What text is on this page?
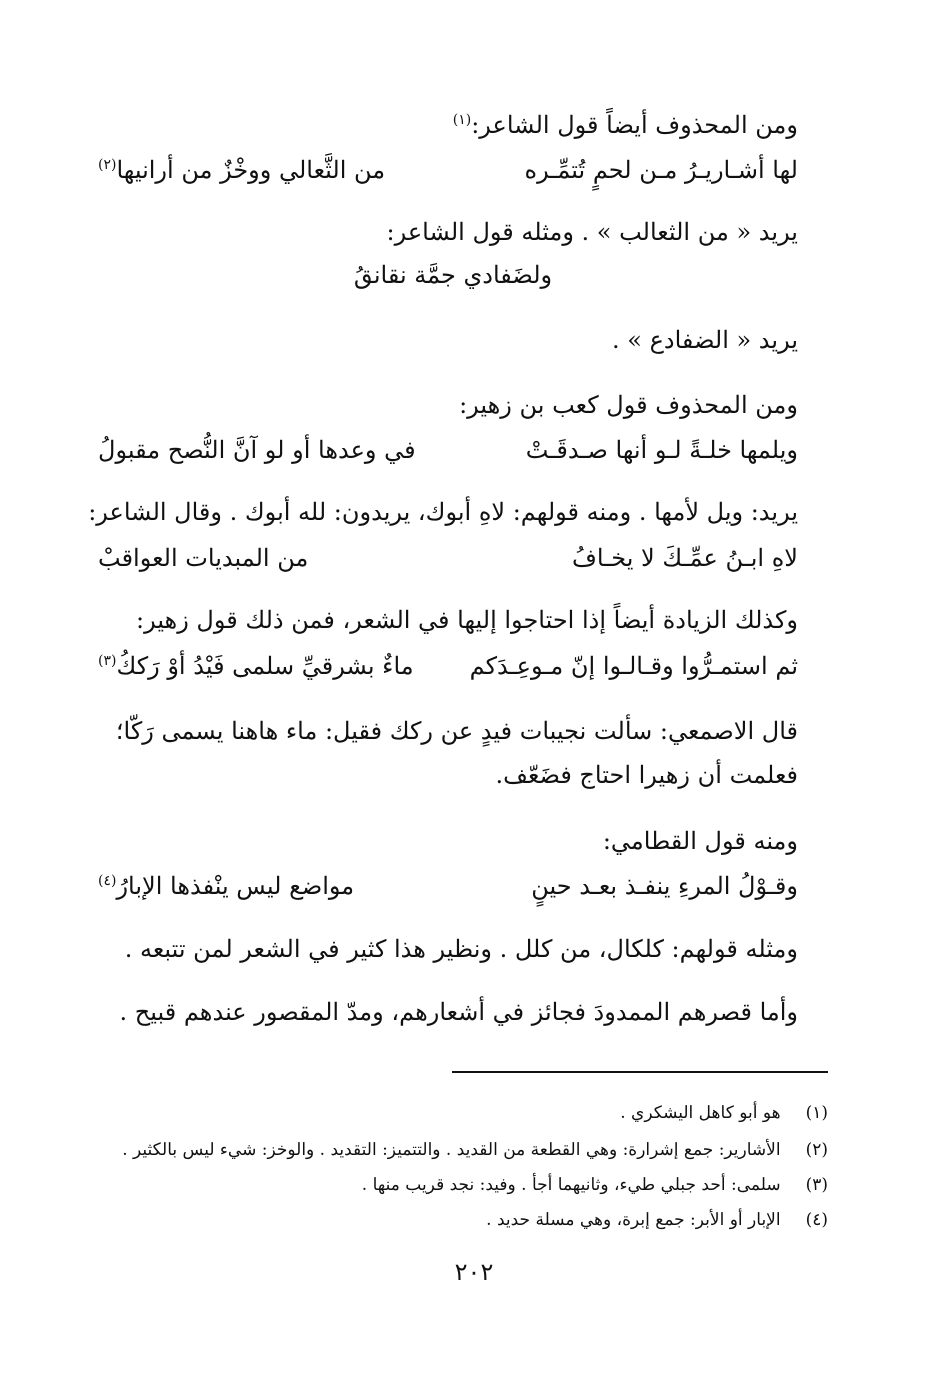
ومن المحذوف أيضاً قول الشاعر:$^{(١)}$
لها أشـاريـرُ مـن لحمٍ تُتمِّـره
من الثَّعالي ووخْزٌ من أرانيها$^{(٢)}$
يريد « من الثعالب » . ومثله قول الشاعر:
ولضَفادي جمَّة نقانقُ
يريد « الضفادع » .
ومن المحذوف قول كعب بن زهير:
ويلمها خلـةً لـو أنها صـدقَـتْ
في وعدها أو لو آنَّ النُّصح مقبولُ
يريد: ويل لأمها . ومنه قولهم: لاهِ أبوك، يريدون: لله أبوك . وقال الشاعر:
لاهِ ابـنُ عمِّـكَ لا يخـافُ
من المبديات العواقبْ
وكذلك الزيادة أيضاً إذا احتاجوا إليها في الشعر، فمن ذلك قول زهير:
ثم استمـرُّوا وقـالـوا إنّ مـوعِـدَكم
ماءٌ بشرقيِّ سلمى فَيْدُ أوْ رَككُ$^{(٣)}$
قال الاصمعي: سألت نجيبات فيدٍ عن ركك فقيل: ماء هاهنا يسمى رَكّا؛
فعلمت أن زهيرا احتاج فضَعّف.
ومنه قول القطامي:
وقـوْلُ المرءِ ينفـذ بعـد حينٍ
مواضع ليس ينْفذها الإبارُ$^{(٤)}$
ومثله قولهم: كلكال، من كلل . ونظير هذا كثير في الشعر لمن تتبعه .
وأما قصرهم الممدودَ فجائز في أشعارهم، ومدّ المقصور عندهم قبيح .
(١) هو أبو كاهل اليشكري .
(٢) الأشارير: جمع إشرارة: وهي القطعة من القديد . والتتميز: التقديد . والوخز: شيء ليس بالكثير .
(٣) سلمى: أحد جبلي طيء، وثانيهما أجأ . وفيد: نجد قريب منها .
(٤) الإبار أو الأبر: جمع إبرة، وهي مسلة حديد .
٢٠٢
